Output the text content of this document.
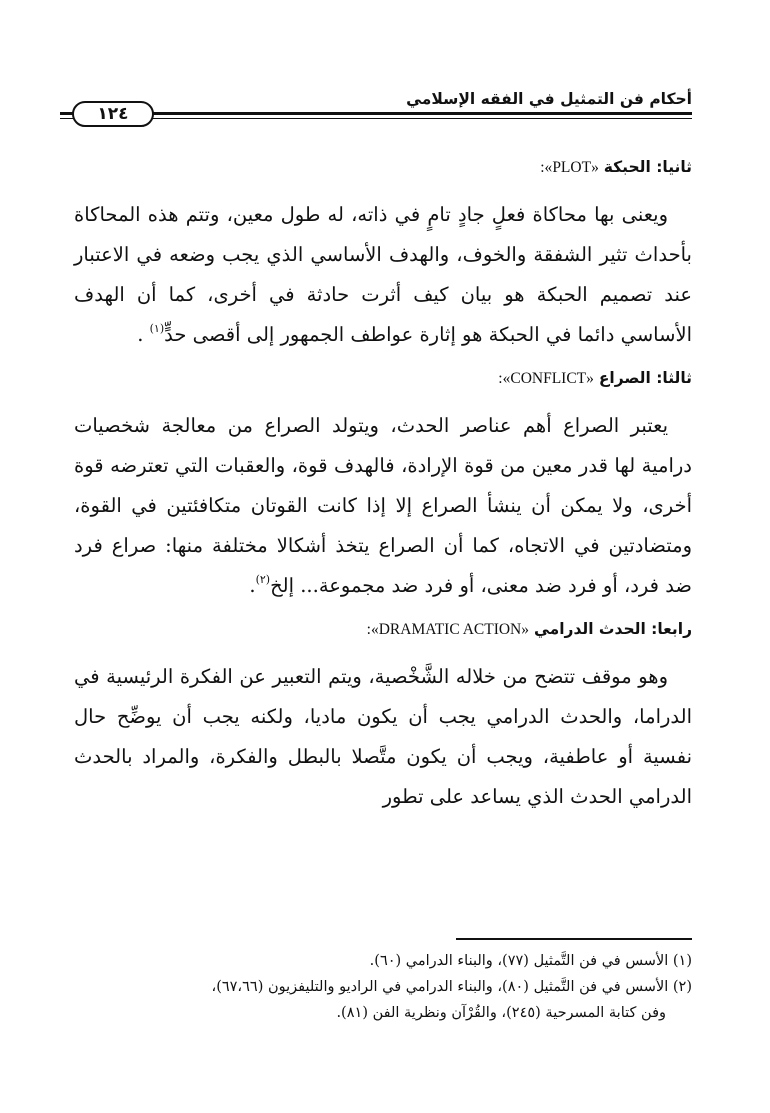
أحكام فن التمثيل في الفقه الإسلامي
١٢٤
ثانيا: الحبكة «PLOT»:

ويعنى بها محاكاة فعلٍ جادٍ تامٍ في ذاته، له طول معين، وتتم هذه المحاكاة بأحداث تثير الشفقة والخوف، والهدف الأساسي الذي يجب وضعه في الاعتبار عند تصميم الحبكة هو بيان كيف أثرت حادثة في أخرى، كما أن الهدف الأساسي دائما في الحبكة هو إثارة عواطف الجمهور إلى أقصى حدٍّ$^{(١)}$ .

ثالثا: الصراع «CONFLICT»:

يعتبر الصراع أهم عناصر الحدث، ويتولد الصراع من معالجة شخصيات درامية لها قدر معين من قوة الإرادة، فالهدف قوة، والعقبات التي تعترضه قوة أخرى، ولا يمكن أن ينشأ الصراع إلا إذا كانت القوتان متكافئتين في القوة، ومتضادتين في الاتجاه، كما أن الصراع يتخذ أشكالا مختلفة منها: صراع فرد ضد فرد، أو فرد ضد معنى، أو فرد ضد مجموعة... إلخ$^{(٢)}$.

رابعا: الحدث الدرامي «DRAMATIC ACTION»:

وهو موقف تتضح من خلاله الشَّخْصية، ويتم التعبير عن الفكرة الرئيسية في الدراما، والحدث الدرامي يجب أن يكون ماديا، ولكنه يجب أن يوضِّح حال نفسية أو عاطفية، ويجب أن يكون متَّصلا بالبطل والفكرة، والمراد بالحدث الدرامي الحدث الذي يساعد على تطور

(١) الأسس في فن التَّمثيل (٧٧)، والبناء الدرامي (٦٠).

(٢) الأسس في فن التَّمثيل (٨٠)، والبناء الدرامي في الراديو والتليفزيون (٦٧،٦٦)،

وفن كتابة المسرحية (٢٤٥)، والقُرْآن ونظرية الفن (٨١).
